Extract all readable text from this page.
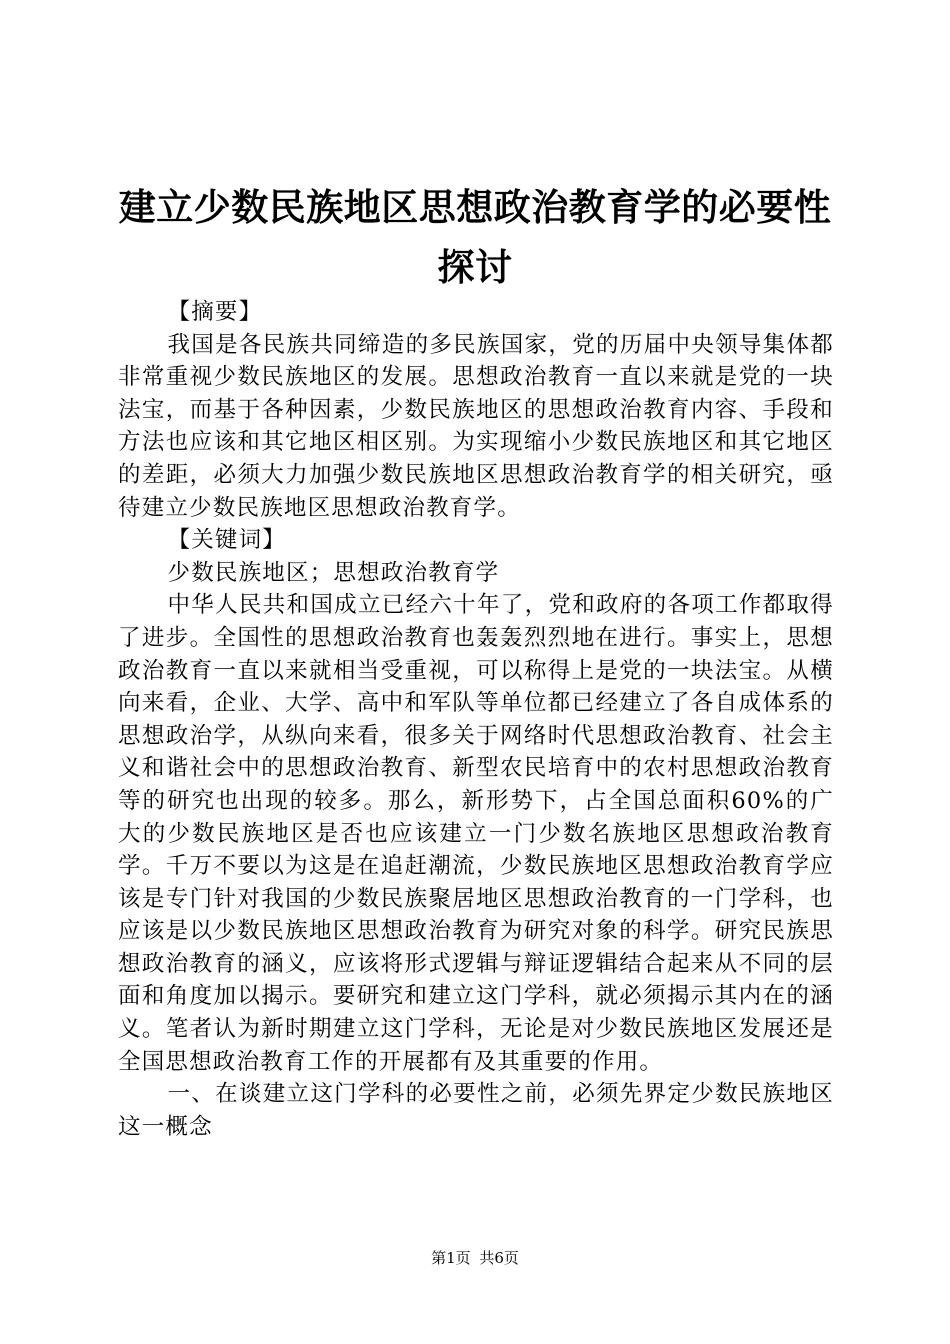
建立少数民族地区思想政治教育学的必要性探讨

【摘要】

我国是各民族共同缔造的多民族国家，党的历届中央领导集体都非常重视少数民族地区的发展。思想政治教育一直以来就是党的一块法宝，而基于各种因素，少数民族地区的思想政治教育内容、手段和方法也应该和其它地区相区别。为实现缩小少数民族地区和其它地区的差距，必须大力加强少数民族地区思想政治教育学的相关研究，亟待建立少数民族地区思想政治教育学。

【关键词】

少数民族地区；思想政治教育学

中华人民共和国成立已经六十年了，党和政府的各项工作都取得了进步。全国性的思想政治教育也轰轰烈烈地在进行。事实上，思想政治教育一直以来就相当受重视，可以称得上是党的一块法宝。从横向来看，企业、大学、高中和军队等单位都已经建立了各自成体系的思想政治学，从纵向来看，很多关于网络时代思想政治教育、社会主义和谐社会中的思想政治教育、新型农民培育中的农村思想政治教育等的研究也出现的较多。那么，新形势下，占全国总面积60%的广大的少数民族地区是否也应该建立一门少数名族地区思想政治教育学。千万不要以为这是在追赶潮流，少数民族地区思想政治教育学应该是专门针对我国的少数民族聚居地区思想政治教育的一门学科，也应该是以少数民族地区思想政治教育为研究对象的科学。研究民族思想政治教育的涵义，应该将形式逻辑与辩证逻辑结合起来从不同的层面和角度加以揭示。要研究和建立这门学科，就必须揭示其内在的涵义。笔者认为新时期建立这门学科，无论是对少数民族地区发展还是全国思想政治教育工作的开展都有及其重要的作用。

一、在谈建立这门学科的必要性之前，必须先界定少数民族地区这一概念

第1页 共6页
